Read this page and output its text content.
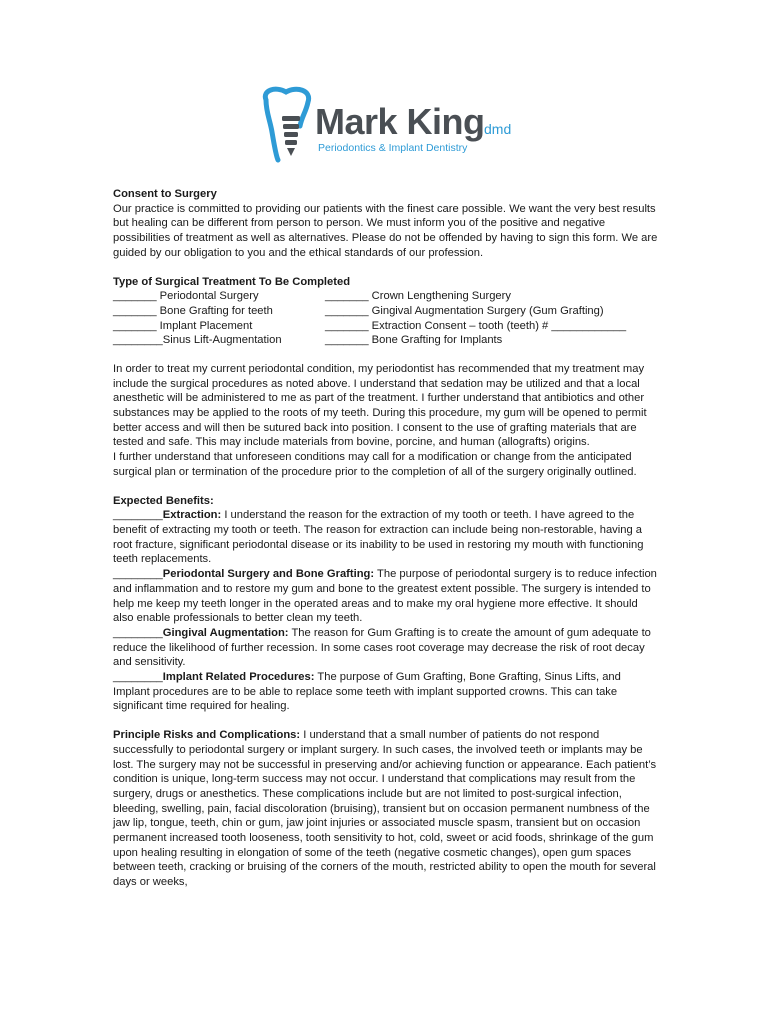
Mark King dmd
Periodontics & Implant Dentistry

Consent to Surgery

Our practice is committed to providing our patients with the finest care possible. We want the very best results but healing can be different from person to person. We must inform you of the positive and negative possibilities of treatment as well as alternatives. Please do not be offended by having to sign this form. We are guided by our obligation to you and the ethical standards of our profession.

Type of Surgical Treatment To Be Completed

_______ Periodontal Surgery
_______ Bone Grafting for teeth
_______ Implant Placement
________Sinus Lift-Augmentation
_______ Crown Lengthening Surgery
_______ Gingival Augmentation Surgery (Gum Grafting)
_______ Extraction Consent – tooth (teeth) # ____________
_______ Bone Grafting for Implants

In order to treat my current periodontal condition, my periodontist has recommended that my treatment may include the surgical procedures as noted above. I understand that sedation may be utilized and that a local anesthetic will be administered to me as part of the treatment. I further understand that antibiotics and other substances may be applied to the roots of my teeth. During this procedure, my gum will be opened to permit better access and will then be sutured back into position. I consent to the use of grafting materials that are tested and safe. This may include materials from bovine, porcine, and human (allografts) origins.

I further understand that unforeseen conditions may call for a modification or change from the anticipated surgical plan or termination of the procedure prior to the completion of all of the surgery originally outlined.

Expected Benefits:

________Extraction: I understand the reason for the extraction of my tooth or teeth. I have agreed to the benefit of extracting my tooth or teeth. The reason for extraction can include being non-restorable, having a root fracture, significant periodontal disease or its inability to be used in restoring my mouth with functioning teeth replacements.

________Periodontal Surgery and Bone Grafting: The purpose of periodontal surgery is to reduce infection and inflammation and to restore my gum and bone to the greatest extent possible. The surgery is intended to help me keep my teeth longer in the operated areas and to make my oral hygiene more effective. It should also enable professionals to better clean my teeth.

________Gingival Augmentation: The reason for Gum Grafting is to create the amount of gum adequate to reduce the likelihood of further recession. In some cases root coverage may decrease the risk of root decay and sensitivity.

________Implant Related Procedures: The purpose of Gum Grafting, Bone Grafting, Sinus Lifts, and Implant procedures are to be able to replace some teeth with implant supported crowns. This can take significant time required for healing.

Principle Risks and Complications: I understand that a small number of patients do not respond successfully to periodontal surgery or implant surgery. In such cases, the involved teeth or implants may be lost. The surgery may not be successful in preserving and/or achieving function or appearance. Each patient’s condition is unique, long-term success may not occur. I understand that complications may result from the surgery, drugs or anesthetics. These complications include but are not limited to post-surgical infection, bleeding, swelling, pain, facial discoloration (bruising), transient but on occasion permanent numbness of the jaw lip, tongue, teeth, chin or gum, jaw joint injuries or associated muscle spasm, transient but on occasion permanent increased tooth looseness, tooth sensitivity to hot, cold, sweet or acid foods, shrinkage of the gum upon healing resulting in elongation of some of the teeth (negative cosmetic changes), open gum spaces between teeth, cracking or bruising of the corners of the mouth, restricted ability to open the mouth for several days or weeks,
